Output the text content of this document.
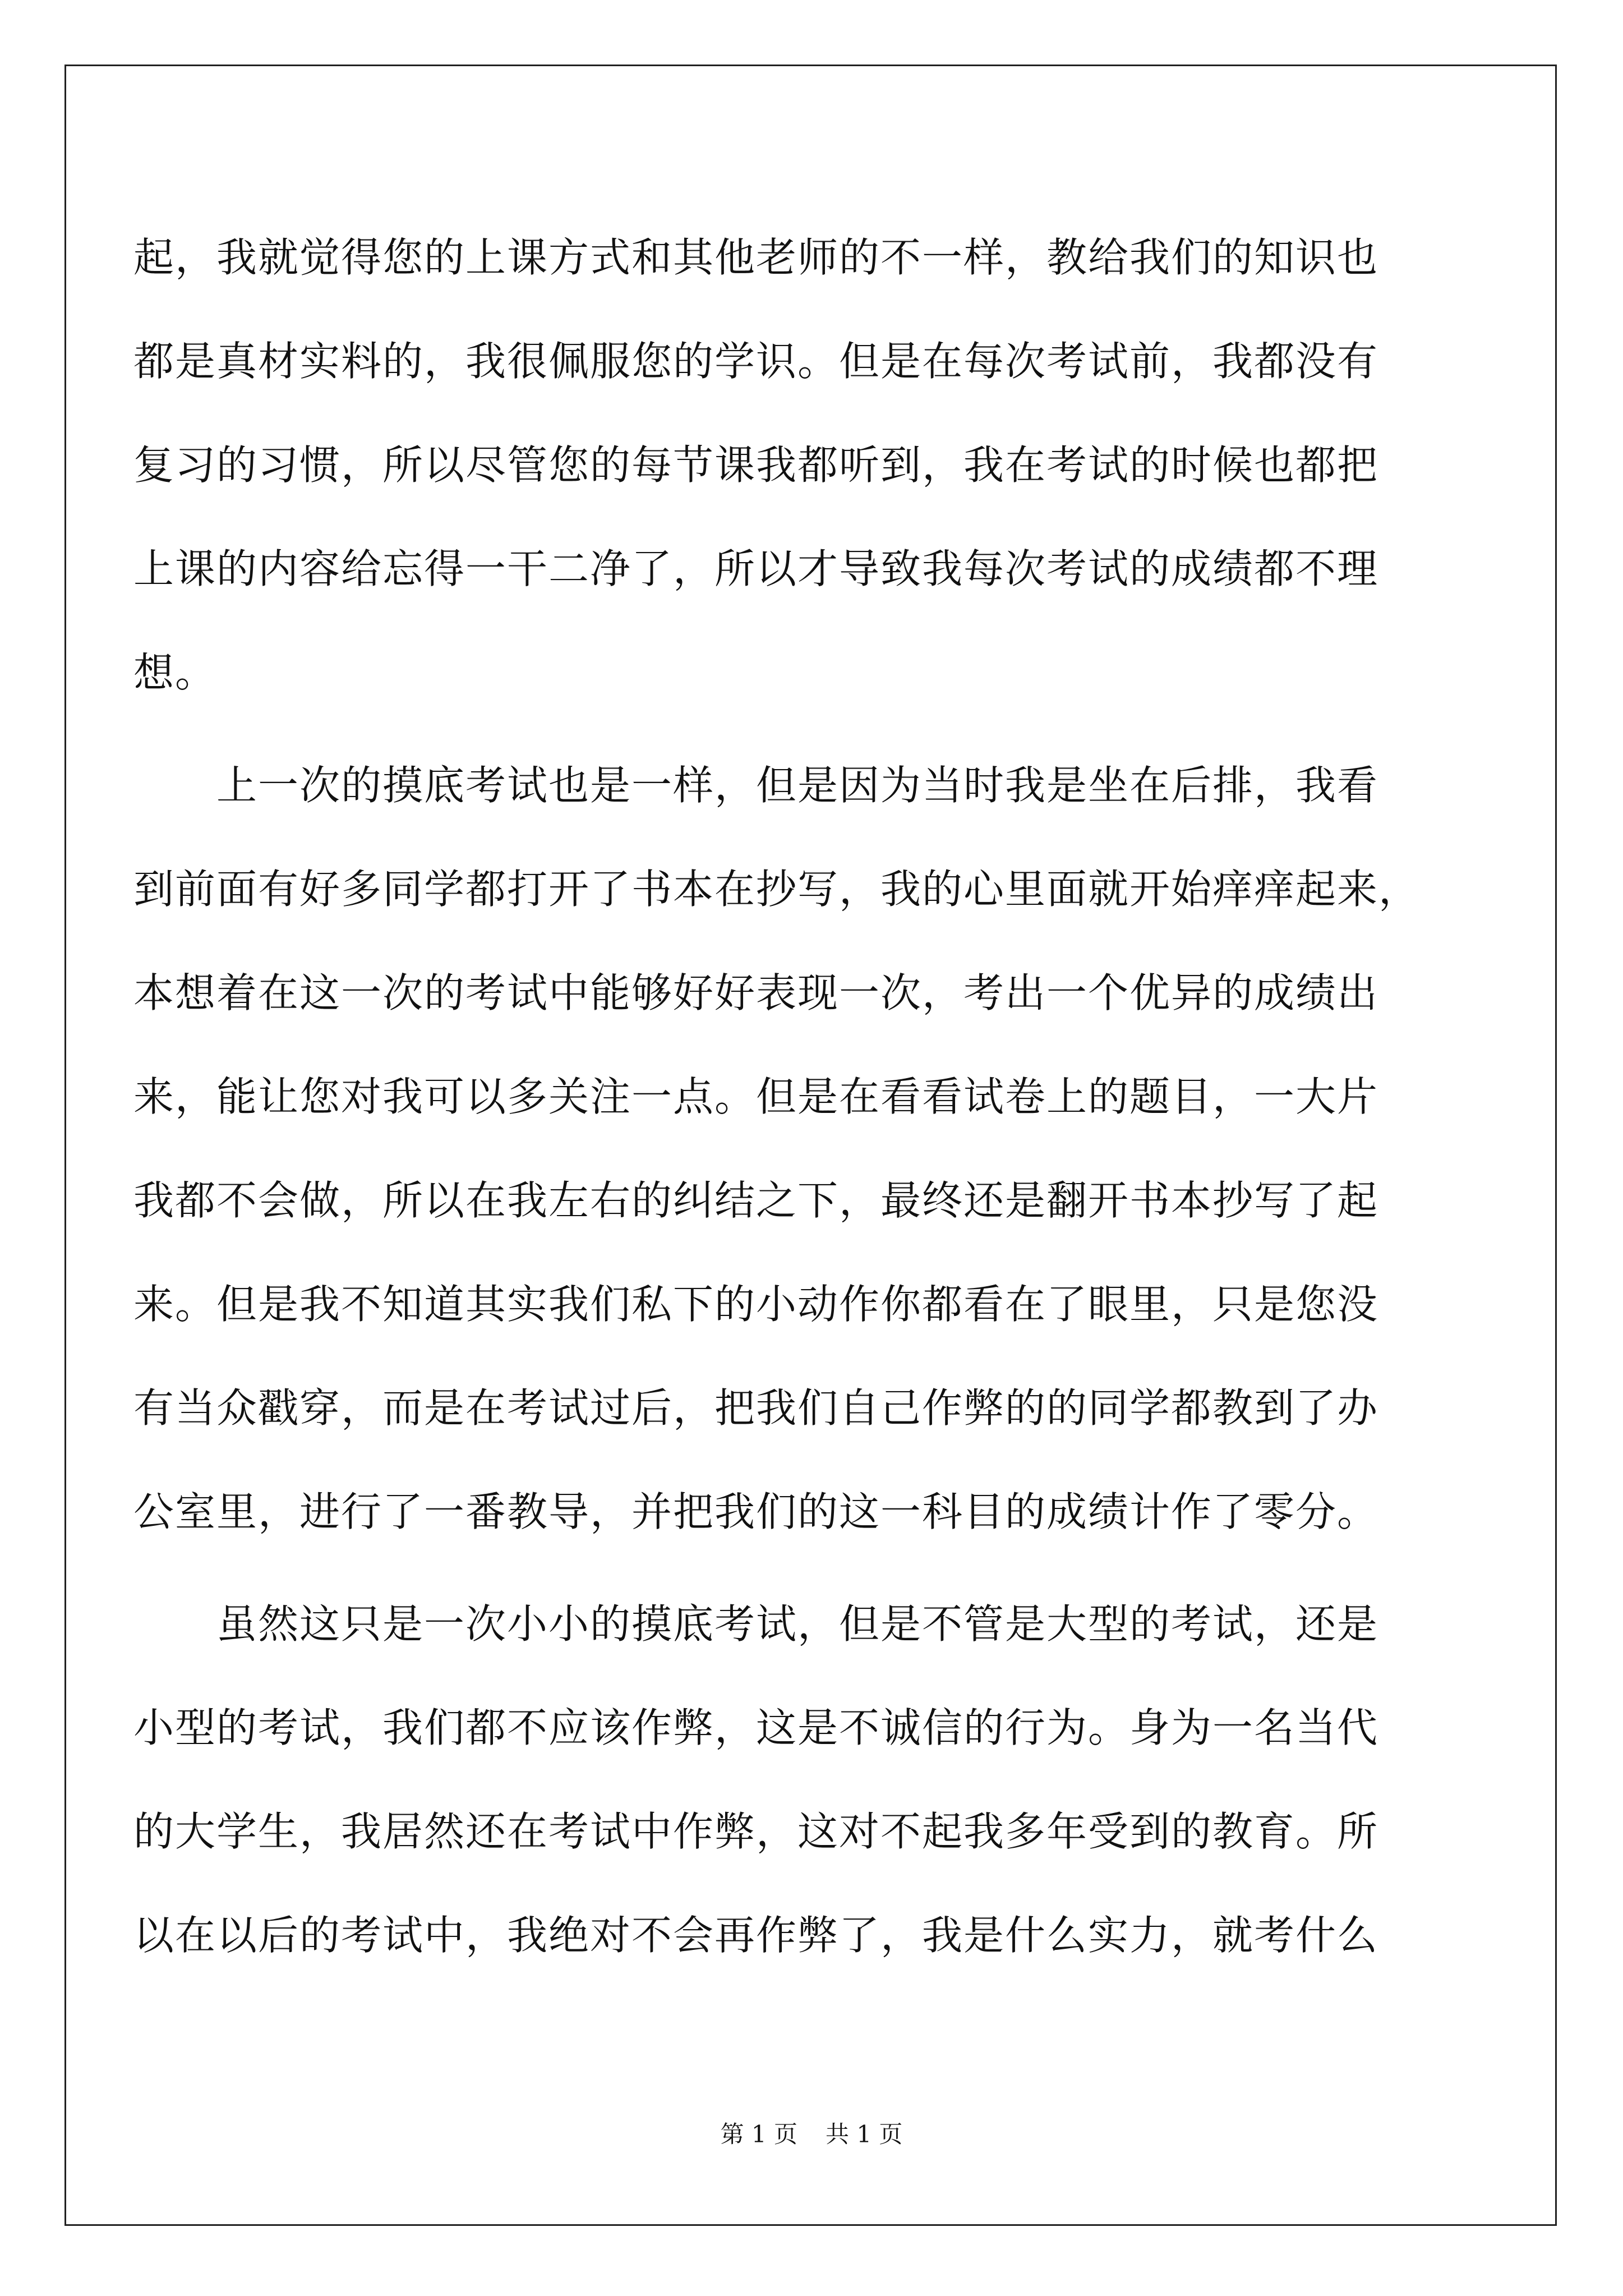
起，我就觉得您的上课方式和其他老师的不一样，教给我们的知识也
都是真材实料的，我很佩服您的学识。但是在每次考试前，我都没有
复习的习惯，所以尽管您的每节课我都听到，我在考试的时候也都把
上课的内容给忘得一干二净了，所以才导致我每次考试的成绩都不理
想。
　　上一次的摸底考试也是一样，但是因为当时我是坐在后排，我看
到前面有好多同学都打开了书本在抄写，我的心里面就开始痒痒起来，
本想着在这一次的考试中能够好好表现一次，考出一个优异的成绩出
来，能让您对我可以多关注一点。但是在看看试卷上的题目，一大片
我都不会做，所以在我左右的纠结之下，最终还是翻开书本抄写了起
来。但是我不知道其实我们私下的小动作你都看在了眼里，只是您没
有当众戳穿，而是在考试过后，把我们自己作弊的的同学都教到了办
公室里，进行了一番教导，并把我们的这一科目的成绩计作了零分。
　　虽然这只是一次小小的摸底考试，但是不管是大型的考试，还是
小型的考试，我们都不应该作弊，这是不诚信的行为。身为一名当代
的大学生，我居然还在考试中作弊，这对不起我多年受到的教育。所
以在以后的考试中，我绝对不会再作弊了，我是什么实力，就考什么
第 1 页 共 1 页
